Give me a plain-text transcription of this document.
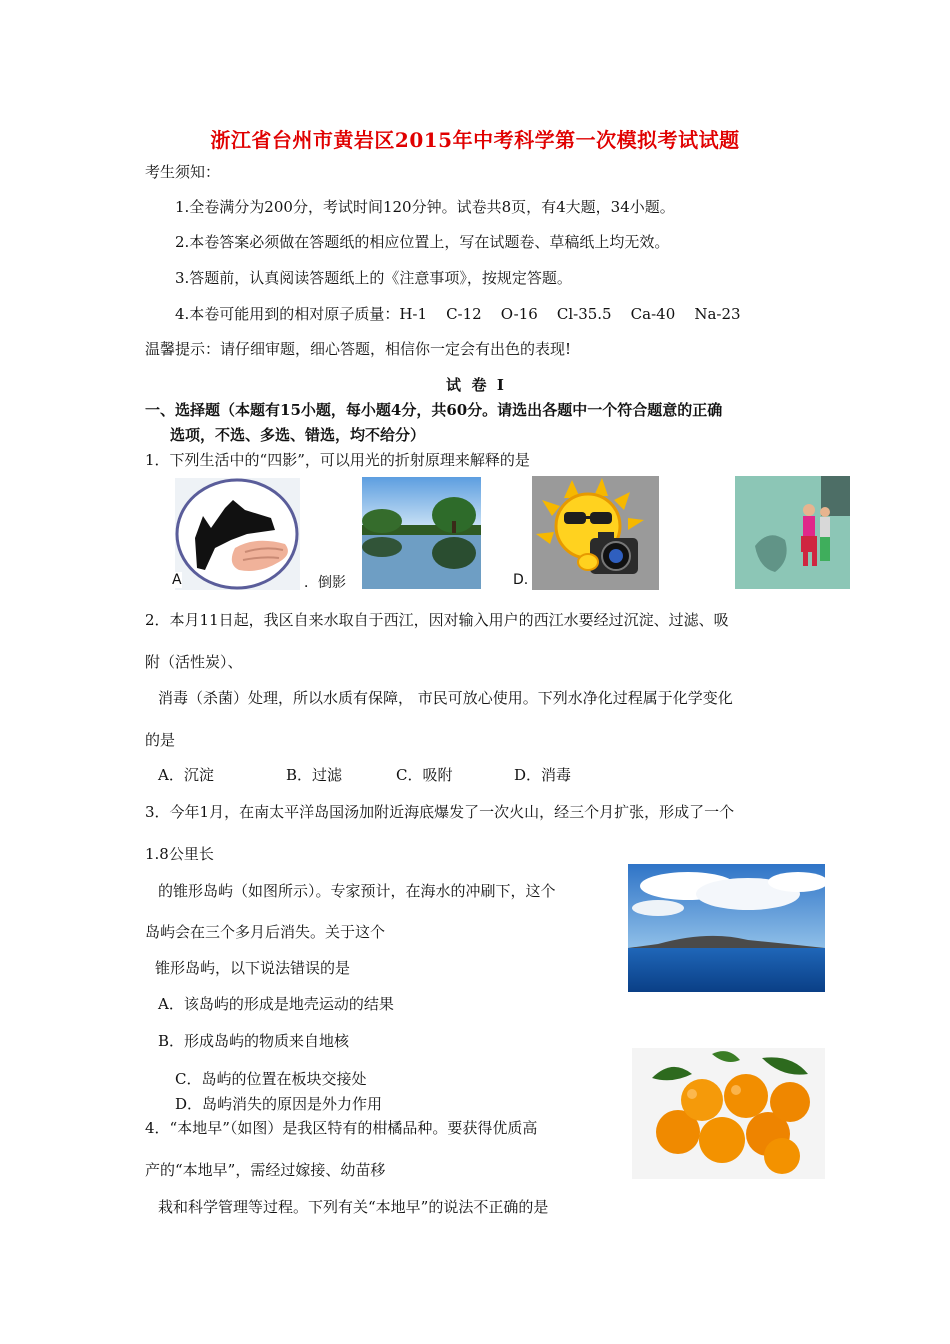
浙江省台州市黄岩区2015年中考科学第一次模拟考试试题
考生须知：
1.全卷满分为200分，考试时间120分钟。试卷共8页，有4大题，34小题。
2.本卷答案必须做在答题纸的相应位置上，写在试题卷、草稿纸上均无效。
3.答题前，认真阅读答题纸上的《注意事项》，按规定答题。
4.本卷可能用到的相对原子质量：H-1    C-12    O-16    Cl-35.5    Ca-40    Na-23
温馨提示：请仔细审题，细心答题，相信你一定会有出色的表现!
试  卷  Ⅰ
一、选择题（本题有15小题，每小题4分，共60分。请选出各题中一个符合题意的正确
选项，不选、多选、错选，均不给分）
1．下列生活中的“四影”，可以用光的折射原理来解释的是
A	．倒影	D.
2．本月11日起，我区自来水取自于西江，因对输入用户的西江水要经过沉淀、过滤、吸
附（活性炭）、
消毒（杀菌）处理，所以水质有保障， 市民可放心使用。下列水净化过程属于化学变化
的是
A．沉淀	B．过滤	C．吸附	D．消毒
3．今年1月，在南太平洋岛国汤加附近海底爆发了一次火山，经三个月扩张，形成了一个
1.8公里长
的锥形岛屿（如图所示）。专家预计，在海水的冲刷下，这个
岛屿会在三个多月后消失。关于这个
锥形岛屿，以下说法错误的是
A．该岛屿的形成是地壳运动的结果
B．形成岛屿的物质来自地核
C．岛屿的位置在板块交接处
D．岛屿消失的原因是外力作用
4．“本地早”（如图）是我区特有的柑橘品种。要获得优质高
产的“本地早”，需经过嫁接、幼苗移
栽和科学管理等过程。下列有关“本地早”的说法不正确的是
